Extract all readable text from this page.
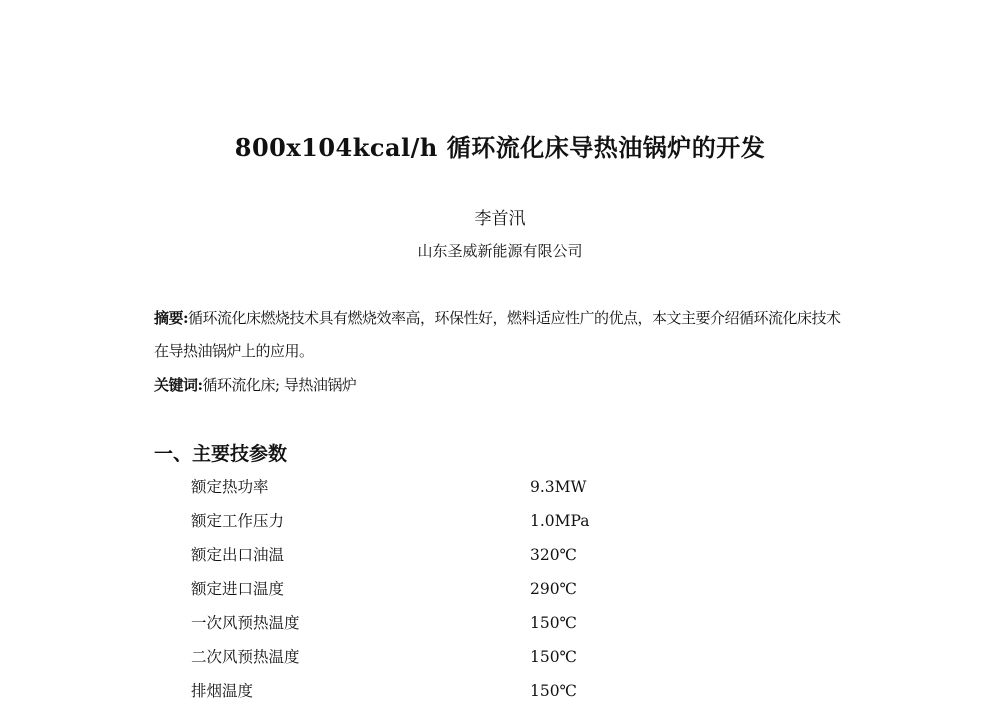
800x104kcal/h 循环流化床导热油锅炉的开发
李首汛
山东圣威新能源有限公司
摘要:循环流化床燃烧技术具有燃烧效率高，环保性好，燃料适应性广的优点，本文主要介绍循环流化床技术在导热油锅炉上的应用。
关键词:循环流化床; 导热油锅炉
一、主要技参数
额定热功率	9.3MW
额定工作压力	1.0MPa
额定出口油温	320℃
额定进口温度	290℃
一次风预热温度	150℃
二次风预热温度	150℃
排烟温度	150℃
